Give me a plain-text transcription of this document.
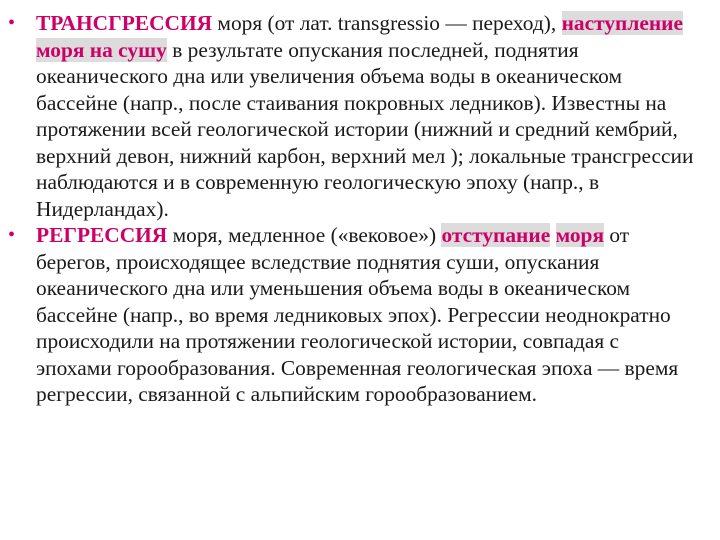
• ТРАНСГРЕССИЯ моря (от лат. transgressio — переход), наступление моря на сушу в результате опускания последней, поднятия океанического дна или увеличения объема воды в океаническом бассейне (напр., после стаивания покровных ледников). Известны на протяжении всей геологической истории (нижний и средний кембрий, верхний девон, нижний карбон, верхний мел ); локальные трансгрессии наблюдаются и в современную геологическую эпоху (напр., в Нидерландах).
• РЕГРЕССИЯ моря, медленное («вековое») отступание моря от берегов, происходящее вследствие поднятия суши, опускания океанического дна или уменьшения объема воды в океаническом бассейне (напр., во время ледниковых эпох). Регрессии неоднократно происходили на протяжении геологической истории, совпадая с эпохами горообразования. Современная геологическая эпоха — время регрессии, связанной с альпийским горообразованием.
